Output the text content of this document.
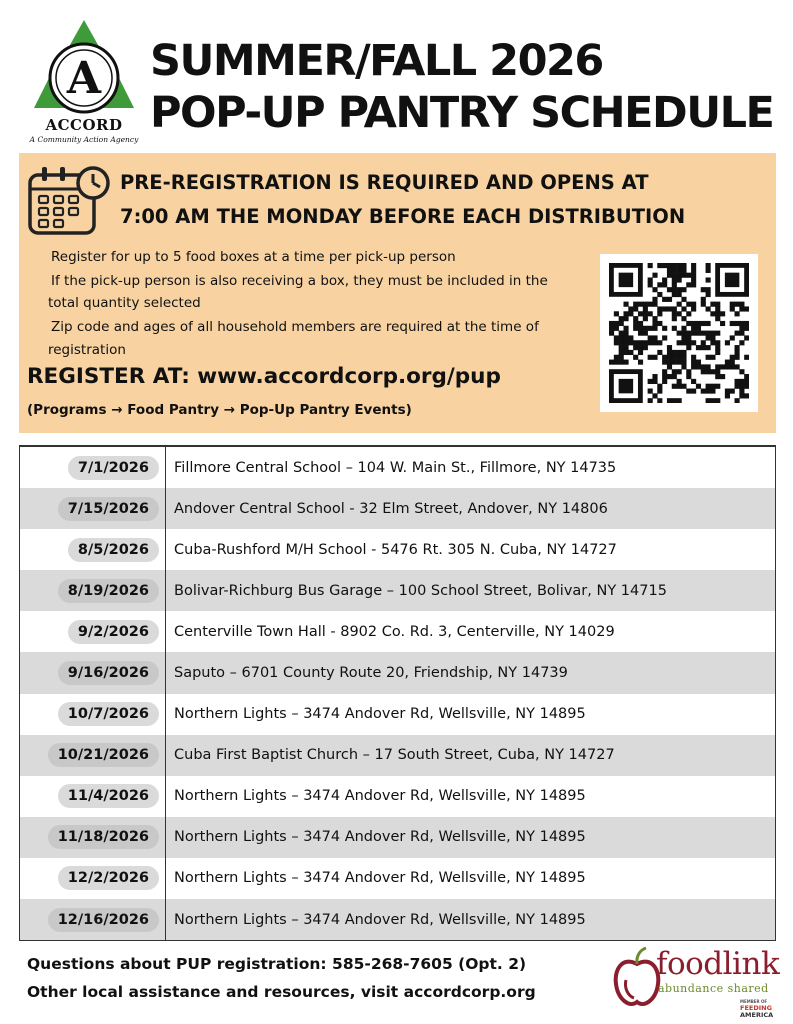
A
ACCORD
A Community Action Agency
SUMMER/FALL 2026
POP-UP PANTRY SCHEDULE
PRE-REGISTRATION IS REQUIRED AND OPENS AT
7:00 AM THE MONDAY BEFORE EACH DISTRIBUTION
Register for up to 5 food boxes at a time per pick-up person
If the pick-up person is also receiving a box, they must be included in the
total quantity selected
Zip code and ages of all household members are required at the time of
registration
REGISTER AT: www.accordcorp.org/pup
(Programs → Food Pantry → Pop-Up Pantry Events)
7/1/2026	Fillmore Central School – 104 W. Main St., Fillmore, NY 14735
7/15/2026	Andover Central School - 32 Elm Street, Andover, NY 14806
8/5/2026	Cuba-Rushford M/H School - 5476 Rt. 305 N. Cuba, NY 14727
8/19/2026	Bolivar-Richburg Bus Garage – 100 School Street, Bolivar, NY 14715
9/2/2026	Centerville Town Hall - 8902 Co. Rd. 3, Centerville, NY 14029
9/16/2026	Saputo – 6701 County Route 20, Friendship, NY 14739
10/7/2026	Northern Lights – 3474 Andover Rd, Wellsville, NY 14895
10/21/2026	Cuba First Baptist Church – 17 South Street, Cuba, NY 14727
11/4/2026	Northern Lights – 3474 Andover Rd, Wellsville, NY 14895
11/18/2026	Northern Lights – 3474 Andover Rd, Wellsville, NY 14895
12/2/2026	Northern Lights – 3474 Andover Rd, Wellsville, NY 14895
12/16/2026	Northern Lights – 3474 Andover Rd, Wellsville, NY 14895
Questions about PUP registration: 585-268-7605 (Opt. 2)
Other local assistance and resources, visit accordcorp.org
foodlink
abundance shared
MEMBER OF
FEEDING
AMERICA
